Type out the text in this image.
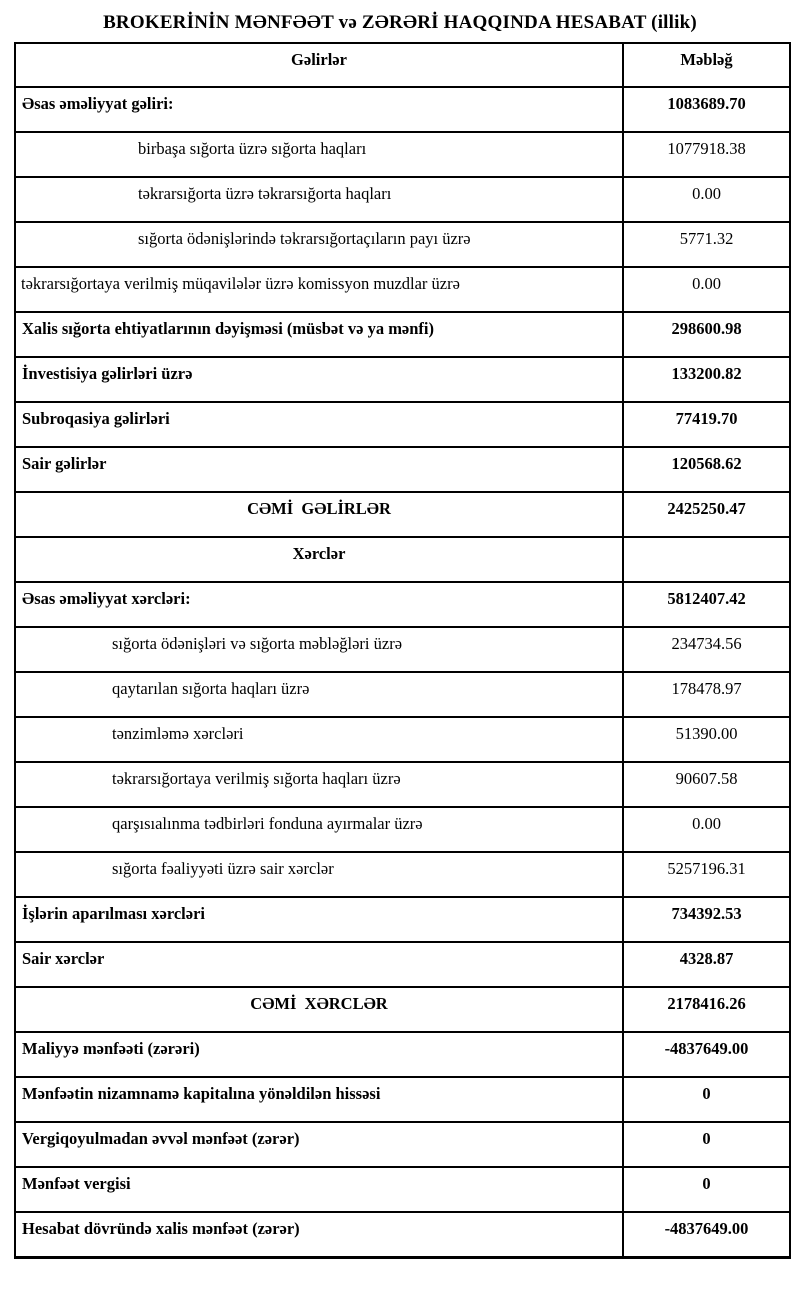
BROKERİNİN MƏNFƏƏT və ZƏRƏRİ HAQQINDA HESABAT (illik)
Gəlirlər	Məbləğ
Əsas əməliyyat gəliri:	1083689.70
birbaşa sığorta üzrə sığorta haqları	1077918.38
təkrarsığorta üzrə təkrarsığorta haqları	0.00
sığorta ödənişlərində təkrarsığortaçıların payı üzrə	5771.32
təkrarsığortaya verilmiş müqavilələr üzrə komissyon muzdlar üzrə	0.00
Xalis sığorta ehtiyatlarının dəyişməsi (müsbət və ya mənfi)	298600.98
İnvestisiya gəlirləri üzrə	133200.82
Subroqasiya gəlirləri	77419.70
Sair gəlirlər	120568.62
CƏMİ  GƏLİRLƏR	2425250.47
Xərclər	
Əsas əməliyyat xərcləri:	5812407.42
sığorta ödənişləri və sığorta məbləğləri üzrə	234734.56
qaytarılan sığorta haqları üzrə	178478.97
tənzimləmə xərcləri	51390.00
təkrarsığortaya verilmiş sığorta haqları üzrə	90607.58
qarşısıalınma tədbirləri fonduna ayırmalar üzrə	0.00
sığorta fəaliyyəti üzrə sair xərclər	5257196.31
İşlərin aparılması xərcləri	734392.53
Sair xərclər	4328.87
CƏMİ  XƏRCLƏR	2178416.26
Maliyyə mənfəəti (zərəri)	-4837649.00
Mənfəətin nizamnamə kapitalına yönəldilən hissəsi	0
Vergiqoyulmadan əvvəl mənfəət (zərər)	0
Mənfəət vergisi	0
Hesabat dövründə xalis mənfəət (zərər)	-4837649.00
